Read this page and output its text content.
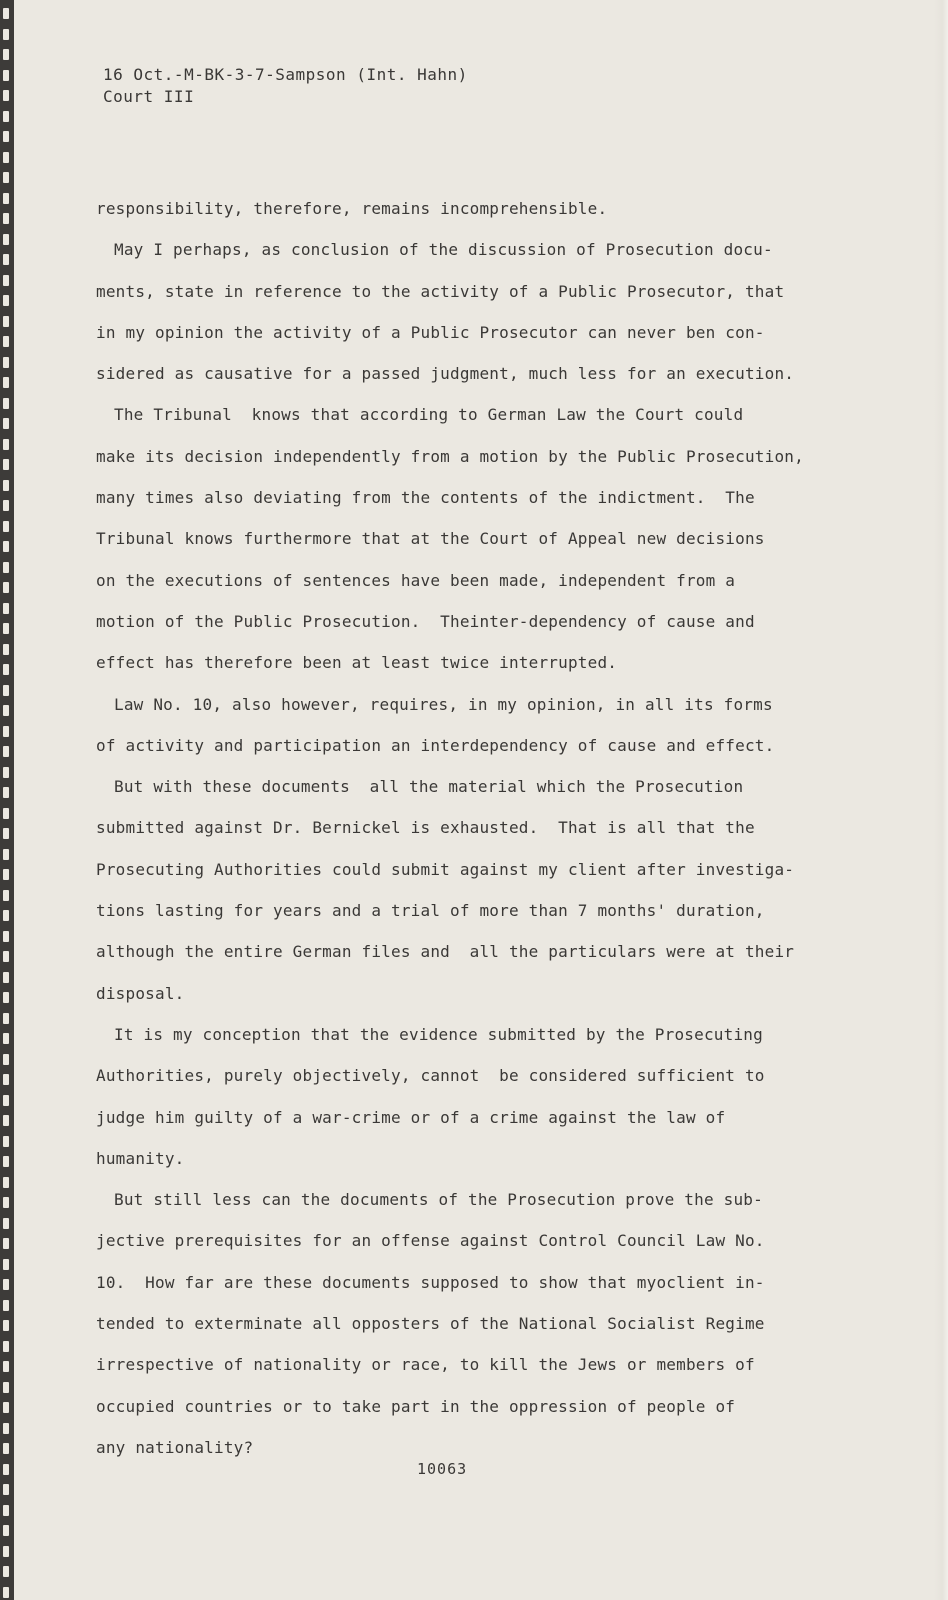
16 Oct.-M-BK-3-7-Sampson (Int. Hahn)
Court III
responsibility, therefore, remains incomprehensible.
May I perhaps, as conclusion of the discussion of Prosecution docu-
ments, state in reference to the activity of a Public Prosecutor, that
in my opinion the activity of a Public Prosecutor can never ben con-
sidered as causative for a passed judgment, much less for an execution.
The Tribunal  knows that according to German Law the Court could
make its decision independently from a motion by the Public Prosecution,
many times also deviating from the contents of the indictment.  The
Tribunal knows furthermore that at the Court of Appeal new decisions
on the executions of sentences have been made, independent from a
motion of the Public Prosecution.  Theinter-dependency of cause and
effect has therefore been at least twice interrupted.
Law No. 10, also however, requires, in my opinion, in all its forms
of activity and participation an interdependency of cause and effect.
But with these documents  all the material which the Prosecution
submitted against Dr. Bernickel is exhausted.  That is all that the
Prosecuting Authorities could submit against my client after investiga-
tions lasting for years and a trial of more than 7 months' duration,
although the entire German files and  all the particulars were at their
disposal.
It is my conception that the evidence submitted by the Prosecuting
Authorities, purely objectively, cannot  be considered sufficient to
judge him guilty of a war-crime or of a crime against the law of
humanity.
But still less can the documents of the Prosecution prove the sub-
jective prerequisites for an offense against Control Council Law No.
10.  How far are these documents supposed to show that myoclient in-
tended to exterminate all opposters of the National Socialist Regime
irrespective of nationality or race, to kill the Jews or members of
occupied countries or to take part in the oppression of people of
any nationality?
10063
